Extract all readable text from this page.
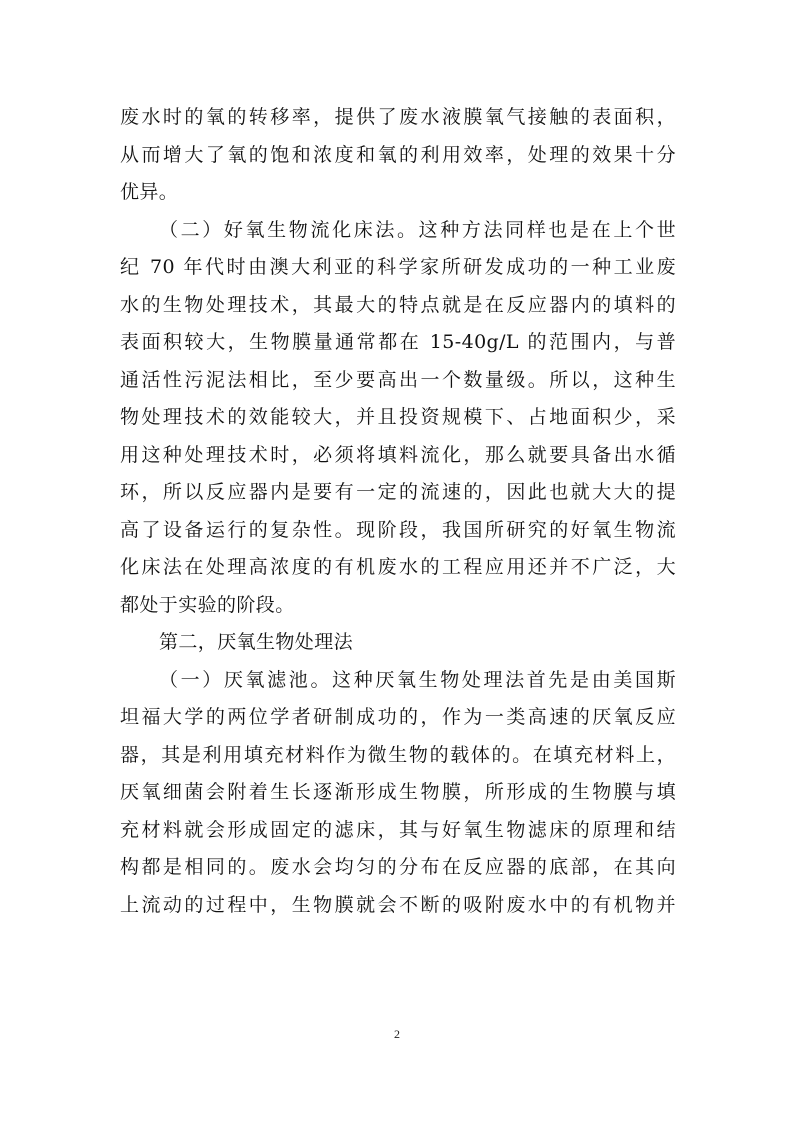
废水时的氧的转移率，提供了废水液膜氧气接触的表面积，
从而增大了氧的饱和浓度和氧的利用效率，处理的效果十分
优异。
（二）好氧生物流化床法。这种方法同样也是在上个世
纪 70 年代时由澳大利亚的科学家所研发成功的一种工业废
水的生物处理技术，其最大的特点就是在反应器内的填料的
表面积较大，生物膜量通常都在 15-40g/L 的范围内，与普
通活性污泥法相比，至少要高出一个数量级。所以，这种生
物处理技术的效能较大，并且投资规模下、占地面积少，采
用这种处理技术时，必须将填料流化，那么就要具备出水循
环，所以反应器内是要有一定的流速的，因此也就大大的提
高了设备运行的复杂性。现阶段，我国所研究的好氧生物流
化床法在处理高浓度的有机废水的工程应用还并不广泛，大
都处于实验的阶段。
第二，厌氧生物处理法
（一）厌氧滤池。这种厌氧生物处理法首先是由美国斯
坦福大学的两位学者研制成功的，作为一类高速的厌氧反应
器，其是利用填充材料作为微生物的载体的。在填充材料上，
厌氧细菌会附着生长逐渐形成生物膜，所形成的生物膜与填
充材料就会形成固定的滤床，其与好氧生物滤床的原理和结
构都是相同的。废水会均匀的分布在反应器的底部，在其向
上流动的过程中，生物膜就会不断的吸附废水中的有机物并
2
